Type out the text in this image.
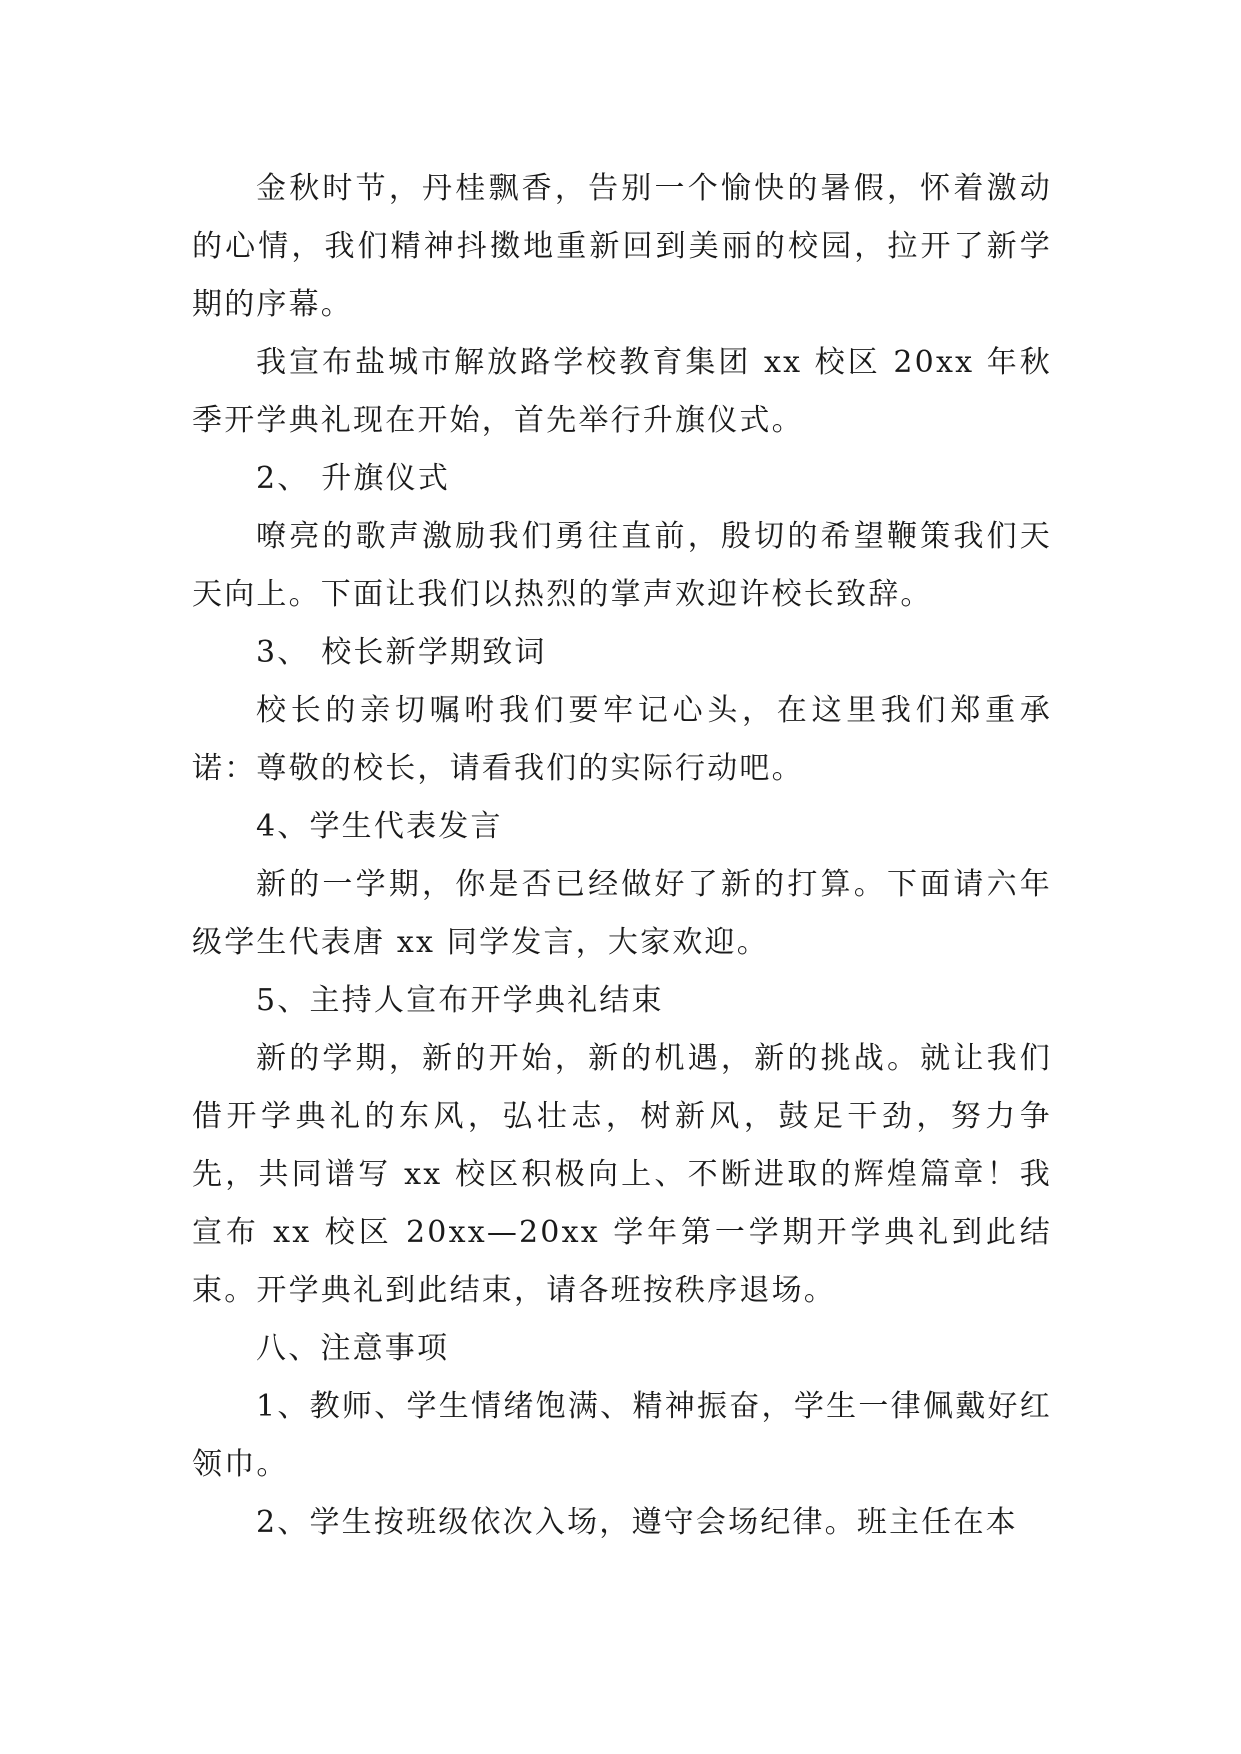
金秋时节，丹桂飘香，告别一个愉快的暑假，怀着激动的心情，我们精神抖擞地重新回到美丽的校园，拉开了新学期的序幕。

我宣布盐城市解放路学校教育集团 xx 校区 20xx 年秋季开学典礼现在开始，首先举行升旗仪式。

2、 升旗仪式

嘹亮的歌声激励我们勇往直前，殷切的希望鞭策我们天天向上。下面让我们以热烈的掌声欢迎许校长致辞。

3、 校长新学期致词

校长的亲切嘱咐我们要牢记心头，在这里我们郑重承诺：尊敬的校长，请看我们的实际行动吧。

4、学生代表发言

新的一学期，你是否已经做好了新的打算。下面请六年级学生代表唐 xx 同学发言，大家欢迎。

5、主持人宣布开学典礼结束

新的学期，新的开始，新的机遇，新的挑战。就让我们借开学典礼的东风，弘壮志，树新风，鼓足干劲，努力争先，共同谱写 xx 校区积极向上、不断进取的辉煌篇章！我宣布 xx 校区 20xx—20xx 学年第一学期开学典礼到此结束。开学典礼到此结束，请各班按秩序退场。

八、注意事项

1、教师、学生情绪饱满、精神振奋，学生一律佩戴好红领巾。

2、学生按班级依次入场，遵守会场纪律。班主任在本
